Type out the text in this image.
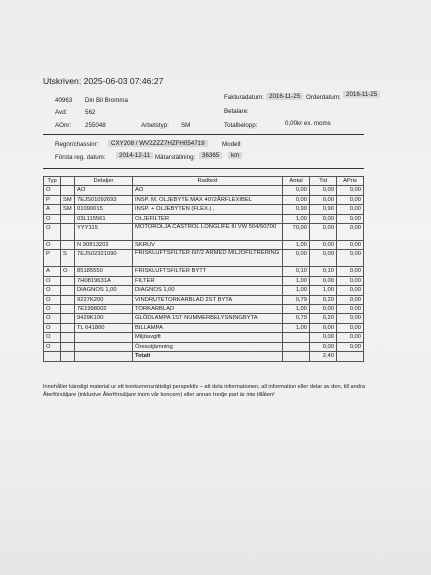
Utskriven: 2025-06-03 07:46:27
40963 Din Bil Bromma
Avd:	562
AOnr: 255048	Arbetstyp: SM
Fakturadatum: 2016-11-25 Orderdatum: 2016-11-25
Betalare:
Totalbelopp:	0,00kr ex. moms
Regnr/chassinr:	CXY208 / WV2ZZZ7HZFH054719	Modell:
Första reg. datum:	2014-12-11 Mätarställning:	36365	km
Typ		Detaljer	Radtext	Antal	Tid	APris
O		AO	AO	0,00	0,00	0,00
P	SM	7EJS01092693	INSP. M. OLJEBYTE MAX 40'/2ÅRFLEXIBEL	0,00	0,00	0,00
A	SM	01090015	INSP. + OLJEBYTEN (FLEX.) ,	0,90	0,90	0,00
O		03L115561	OLJEFILTER	1,00	0,00	0,00
O		YYY115	MOTOROLJA CASTROL LONGLIFE III VW 504/50700	70,00	0,00	0,00
O		N 90813202	SKRUV	1,00	0,00	0,00
P	S	7EJS02321090	FRISKLUFTSFILTER 60'/2 ÅRMED MILJÖFILTRERING	0,00	0,00	0,00
A	O	85185550	FRISKLUFTSFILTER BYTT	0,10	0,10	0,00
O		7H0819631A	FILTER	1,00	0,00	0,00
O		DIAGNOS 1,00	DIAGNOS 1,00	1,00	1,00	0,00
O		9227K200	VINDRUTETORKARBLAD 2ST BYTA	0,79	0,20	0,00
O		7E1998002	TORKARBLAD	1,00	0,00	0,00
O		9429K100	GLÖDLAMPA 1ST NUMMERBELYSNINGBYTA	0,79	0,20	0,00
O		TL 641800	BILLAMPA	1,00	0,00	0,00
O			Miljöavgift		0,00	0,00
O			Öresutjämning		0,00	0,00
			Totalt		2,40	
Innehåller känsligt material ur ett konkurrensrättsligt perspektiv – att dela informationen, all information eller delar av den, till andra Återförsäljare (inklusive Återförsäljare inom vår koncern) eller annan tredje part är inte tillåten!
